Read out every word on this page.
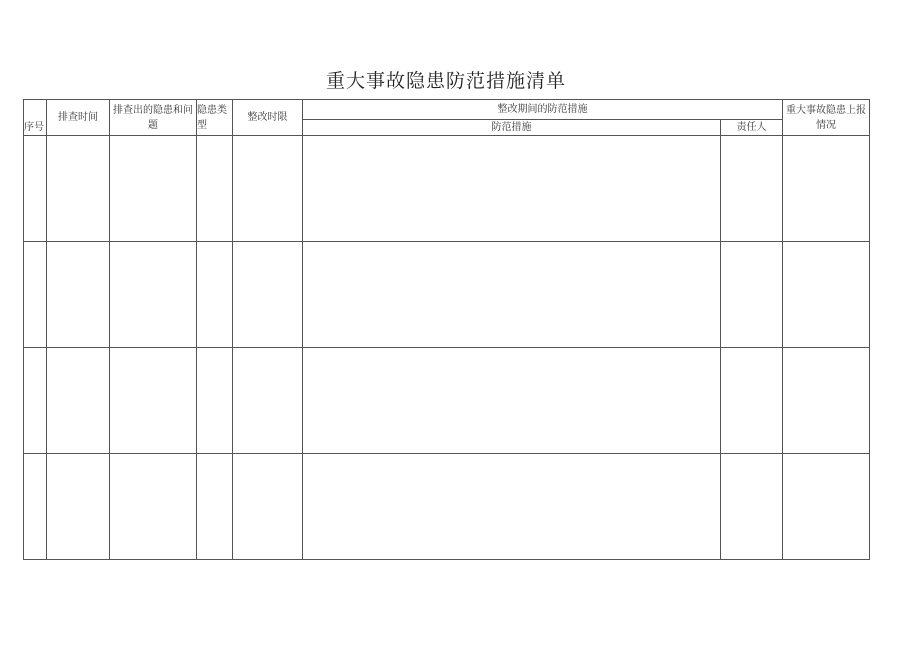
重大事故隐患防范措施清单
序号	排查时间	排查出的隐患和问题	隐患类型	整改时限	整改期间的防范措施		重大事故隐患上报情况
					防范措施	责任人	
